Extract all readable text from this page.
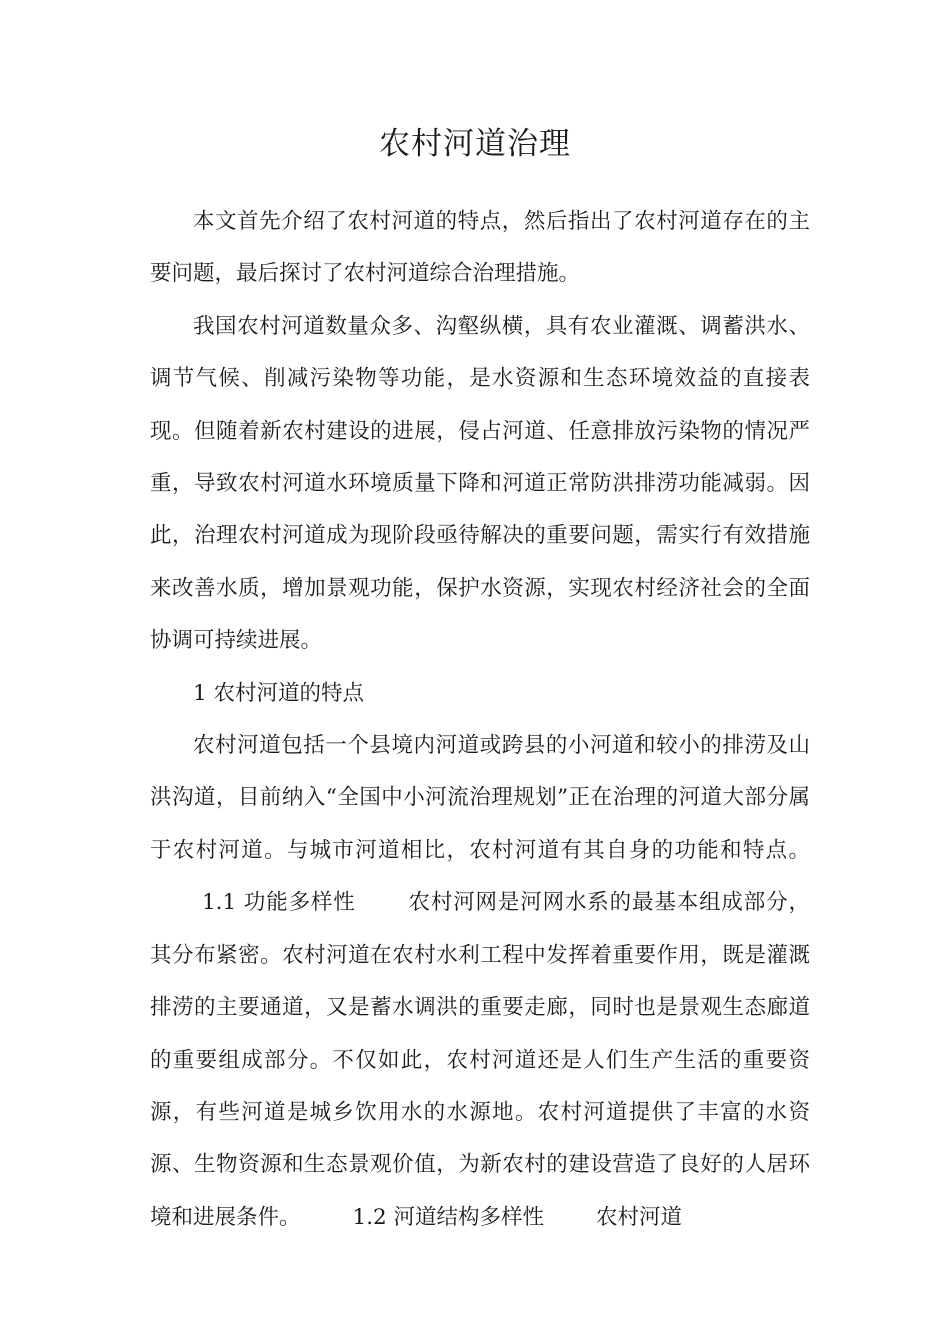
农村河道治理

本文首先介绍了农村河道的特点，然后指出了农村河道存在的主要问题，最后探讨了农村河道综合治理措施。

我国农村河道数量众多、沟壑纵横，具有农业灌溉、调蓄洪水、调节气候、削减污染物等功能，是水资源和生态环境效益的直接表现。但随着新农村建设的进展，侵占河道、任意排放污染物的情况严重，导致农村河道水环境质量下降和河道正常防洪排涝功能减弱。因此，治理农村河道成为现阶段亟待解决的重要问题，需实行有效措施来改善水质，增加景观功能，保护水资源，实现农村经济社会的全面协调可持续进展。

1 农村河道的特点

农村河道包括一个县境内河道或跨县的小河道和较小的排涝及山洪沟道，目前纳入“全国中小河流治理规划”正在治理的河道大部分属于农村河道。与城市河道相比，农村河道有其自身的功能和特点。1.1 功能多样性 农村河网是河网水系的最基本组成部分，其分布紧密。农村河道在农村水利工程中发挥着重要作用，既是灌溉排涝的主要通道，又是蓄水调洪的重要走廊，同时也是景观生态廊道的重要组成部分。不仅如此，农村河道还是人们生产生活的重要资源，有些河道是城乡饮用水的水源地。农村河道提供了丰富的水资源、生物资源和生态景观价值，为新农村的建设营造了良好的人居环境和进展条件。 1.2 河道结构多样性 农村河道
